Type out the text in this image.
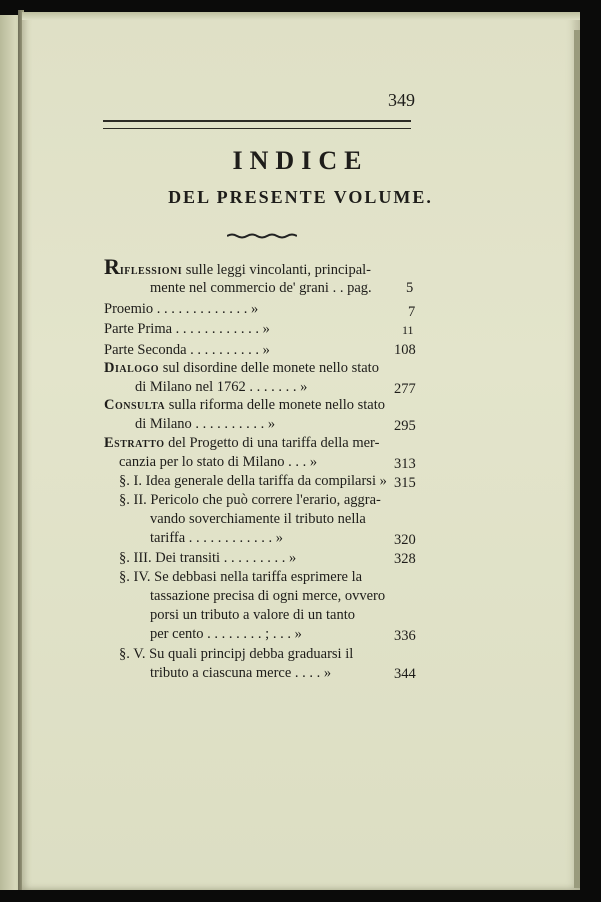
349
INDICE
DEL PRESENTE VOLUME.
Riflessioni sulle leggi vincolanti, principal-
mente nel commercio de' grani . . pag. 5
Proemio . . . . . . . . . . . . . »	7
Parte Prima . . . . . . . . . . . . »	11
Parte Seconda . . . . . . . . . . »	108
Dialogo sul disordine delle monete nello stato
di Milano nel 1762 . . . . . . . »	277
Consulta sulla riforma delle monete nello stato
di Milano . . . . . . . . . . »	295
Estratto del Progetto di una tariffa della mer-
canzia per lo stato di Milano . . . »	313
§. I. Idea generale della tariffa da compilarsi » 315
§. II. Pericolo che può correre l'erario, aggra-
vando soverchiamente il tributo nella
tariffa . . . . . . . . . . . . »	320
§. III. Dei transiti . . . . . . . . . »	328
§. IV. Se debbasi nella tariffa esprimere la
tassazione precisa di ogni merce, ovvero
porsi un tributo a valore di un tanto
per cento . . . . . . . . ; . . . »	336
§. V. Su quali principj debba graduarsi il
tributo a ciascuna merce . . . . »	344
